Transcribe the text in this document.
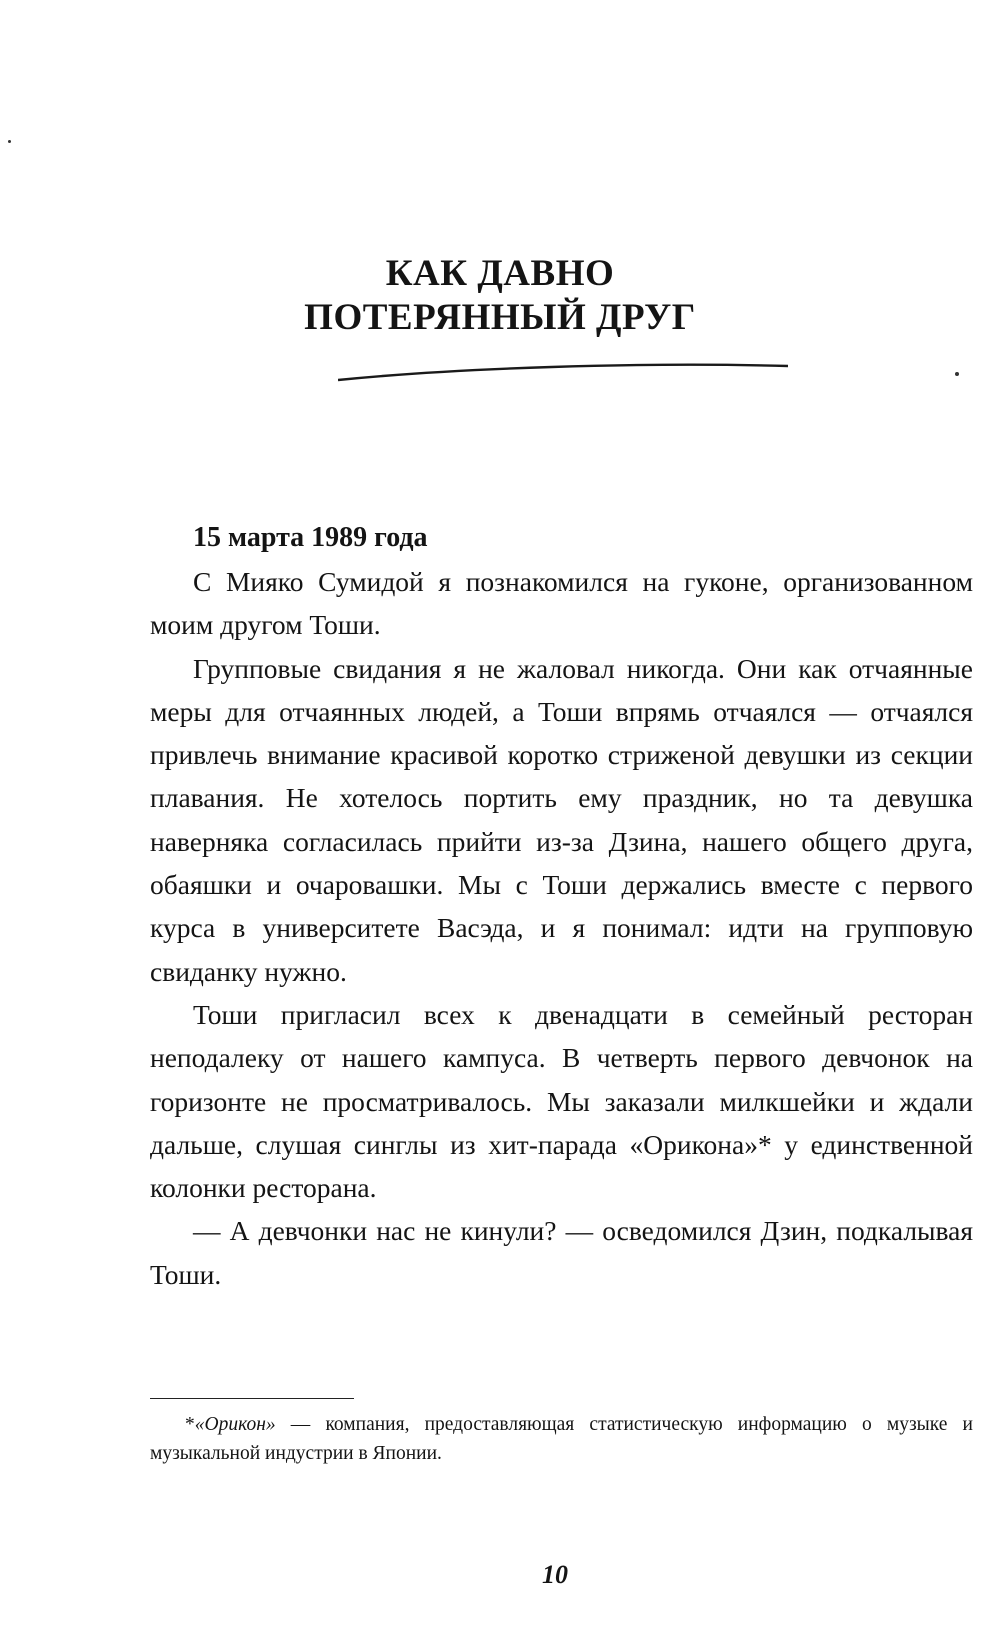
КАК ДАВНО
ПОТЕРЯННЫЙ ДРУГ

15 марта 1989 года

С Мияко Сумидой я познакомился на гуконе, организованном моим другом Тоши.

Групповые свидания я не жаловал никогда. Они как отчаянные меры для отчаянных людей, а Тоши впрямь отчаялся — отчаялся привлечь внимание красивой коротко стриженой девушки из секции плавания. Не хотелось портить ему праздник, но та девушка наверняка согласилась прийти из-за Дзина, нашего общего друга, обаяшки и очаровашки. Мы с Тоши держались вместе с первого курса в университете Васэда, и я понимал: идти на групповую свиданку нужно.

Тоши пригласил всех к двенадцати в семейный ресторан неподалеку от нашего кампуса. В четверть первого девчонок на горизонте не просматривалось. Мы заказали милкшейки и ждали дальше, слушая синглы из хит-парада «Орикона»* у единственной колонки ресторана.

— А девчонки нас не кинули? — осведомился Дзин, подкалывая Тоши.

*«Орикон» — компания, предоставляющая статистическую информацию о музыке и музыкальной индустрии в Японии.
10
